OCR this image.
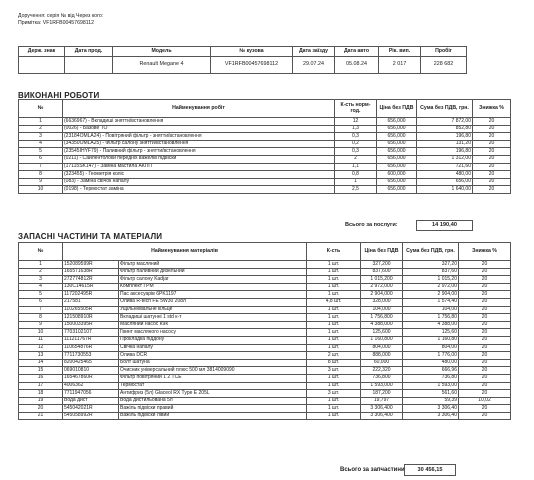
Доручення: серія № від Через кого:
Примітка: VF1RFB00457698112
Держ. знак	Дата прод.	Модель	№ кузова	Дата заїзду	Дата авто	Рік. вип.	Пробіг
		Renault Megane 4	VF1RFB00457698112	29.07.24	05.08.24	2 017	228 682
ВИКОНАНІ РОБОТИ
№	Найменування робіт	К-сть норм-год.	Ціна без ПДВ	Сума без ПДВ, грн.	Знижка %
1	(6636967) - Вкладиші знятти/встановлення	12	656,000	7 872,00	20
2	(0026) - Базове ТО	1,3	656,000	852,80	20
3	(23184OMLA24) - Повітряний фільтр - знятти/встановлення	0,3	656,000	196,80	20
4	(34350OMLA25) - Фільтр салону знятти/встановлення	0,2	656,000	131,20	20
5	(23545IHYF79) - Паливний фільтр - знятти/встановлення	0,3	656,000	196,80	20
6	(0211) - Сайлентблоки передніх важелів підвіски	2	656,000	1 312,00	20
7	(17115SK147) - Заміна мастила АКПП	1,1	656,000	721,60	20
8	(323455) - Геометрія коліс	0,8	600,000	480,00	20
9	(083) - Заміна свічок напалу	1	656,000	656,00	20
10	(0198) - Термостат заміна	2,5	656,000	1 640,00	20
Всього за послуги:	14 190,40
ЗАПАСНІ ЧАСТИНИ ТА МАТЕРІАЛИ
№	Найменування матеріалів		К-сть	Ціна без ПДВ	Сума без ПДВ, грн.	Знижка %
1	152089599R	Фільтр масляний	1 шт.	327,200	327,20	20
2	165571638R	Фільтр паливний дизельний	1 шт.	837,600	837,60	20
3	272774812R	Фільтр салону Kadjar	1 шт.	1 015,200	1 015,20	20
4	130C14615R	Комплект ГРМ	1 шт.	2 972,000	2 972,00	20
5	117202495R	Пас аксесуарів 6PK1197	1 шт.	2 904,000	2 904,00	20
6	217581	Олива R-tech FE 5W30 208л	4,8 шт.	328,000	1 574,40	20
7	110265505R	Ущільнювальне кільце	1 шт.	104,000	104,00	20
8	121508910R	Вкладиші шатунні 1 std к-т	1 шт.	1 756,800	1 756,80	20
9	150003395R	Масляний насос К9К	1 шт.	4 388,000	4 388,00	20
10	7703102107	Гвинт масляного насосу	1 шт.	125,600	125,60	20
11	111211767R	Прокладка піддону	1 шт.	1 160,800	1 160,80	20
12	110654876R	Свічка напалу	1 шт.	804,000	804,00	20
13	7711730553	Олива DCR	2 шт.	888,000	1 776,00	20
14	8200425465	Болт шатуна	8 шт.	60,000	480,00	20
15	069010810	Очисник універсальний плюс 500 мл 3814009090	3 шт.	222,320	666,96	20
16	165467860R	Фільтр повітряний 1 2 ТСЕ	1 шт.	736,800	736,80	20
17	4006362	Термостат	1 шт.	1 593,000	1 593,00	20
18	7711947056	Антифриз (5л) Glaceol RX Type E 205L	3 шт.	187,200	561,60	20
19	Вода дист	Вода дистильована 5л	1 шт.	19,797	59,39	10,02
20	545042021R	Важіль підвіски правий	1 шт.	3 306,400	3 306,40	20
21	545058992R	Важіль підвіски лівий	1 шт.	3 306,400	3 306,40	20
Всього за запчастини	30 456,15
